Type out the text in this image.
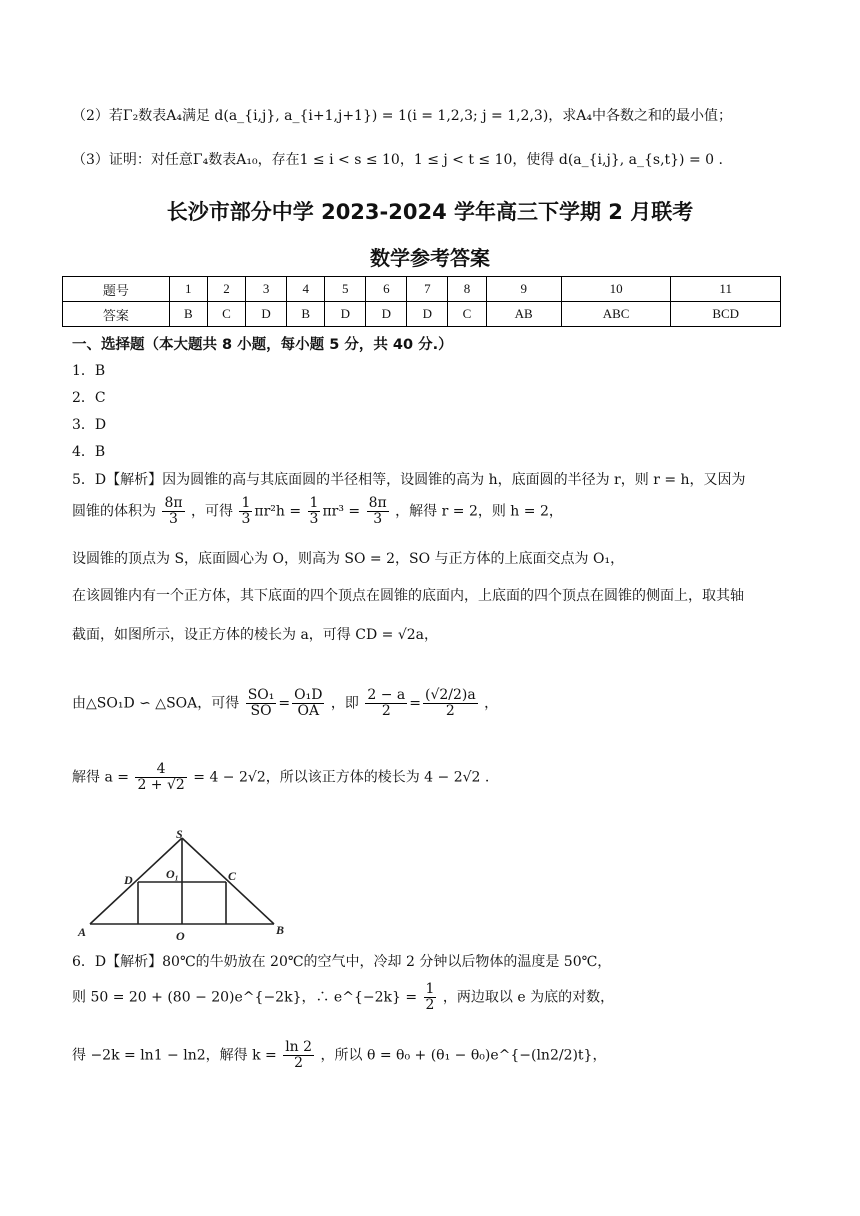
（2）若Γ₂数表A₄满足 d(a_{i,j}, a_{i+1,j+1}) = 1(i = 1,2,3; j = 1,2,3)，求A₄中各数之和的最小值；
（3）证明：对任意Γ₄数表A₁₀，存在1 ≤ i < s ≤ 10，1 ≤ j < t ≤ 10，使得 d(a_{i,j}, a_{s,t}) = 0 .
长沙市部分中学 2023-2024 学年高三下学期 2 月联考
数学参考答案
题号	1	2	3	4	5	6	7	8	9	10	11
答案	B	C	D	B	D	D	D	C	AB	ABC	BCD
一、选择题（本大题共 8 小题，每小题 5 分，共 40 分.）
1．B
2．C
3．D
4．B
5．D【解析】因为圆锥的高与其底面圆的半径相等，设圆锥的高为 h，底面圆的半径为 r，则 r = h，又因为
圆锥的体积为 $\frac{8\pi}{3}$ ，可得 $\frac{1}{3} \pi r^2h = \frac{1}{3} \pi r^3 = \frac{8\pi}{3}$ ，解得 r = 2，则 h = 2，
设圆锥的顶点为 S，底面圆心为 O，则高为 SO = 2，SO 与正方体的上底面交点为 O₁，
在该圆锥内有一个正方体，其下底面的四个顶点在圆锥的底面内，上底面的四个顶点在圆锥的侧面上，取其轴
截面，如图所示，设正方体的棱长为 a，可得 CD = √2a，
由△SO₁D ∽ △SOA，可得 $\frac{\text{SO₁}}{SO} = \frac{\text{O₁D}}{OA}$ ，即 $\frac{2 - a}{2} = \frac{(√2/2)a}{2}$ ，
解得 $a = \frac{4}{2 + √2} = 4 - 2√2$，所以该正方体的棱长为 4 − 2√2 .
S
D	C
O₁
A	O	B
6．D【解析】80℃的牛奶放在 20℃的空气中，冷却 2 分钟以后物体的温度是 50℃，
则 50 = 20 + (80 − 20)e^{−2k}，∴ e^{−2k} = $\frac{1}{2}$ ，两边取以 e 为底的对数，
得 −2k = ln1 − ln2，解得 $k = \frac{\ln 2}{2}$ ，所以 θ = θ₀ + (θ₁ − θ₀)e^{−(ln2/2)t}，
